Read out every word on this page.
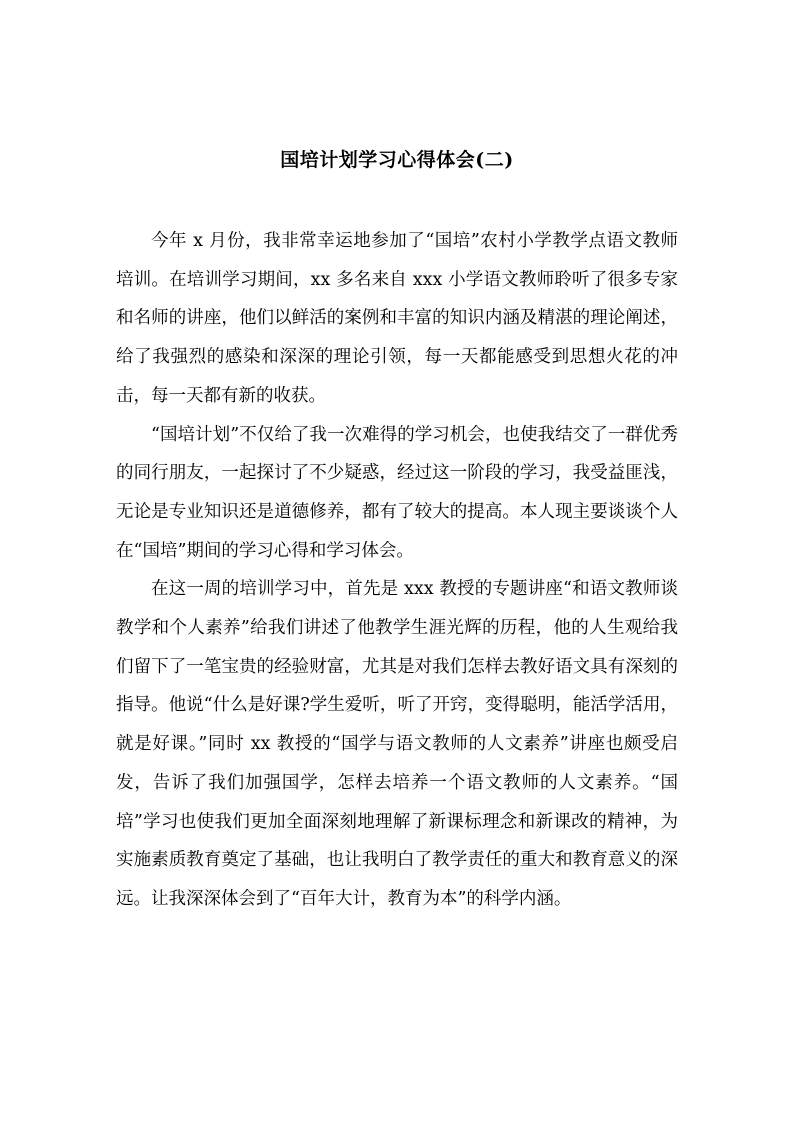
国培计划学习心得体会(二)

今年 x 月份，我非常幸运地参加了“国培”农村小学教学点语文教师培训。在培训学习期间，xx 多名来自 xxx 小学语文教师聆听了很多专家和名师的讲座，他们以鲜活的案例和丰富的知识内涵及精湛的理论阐述，给了我强烈的感染和深深的理论引领，每一天都能感受到思想火花的冲击，每一天都有新的收获。

“国培计划”不仅给了我一次难得的学习机会，也使我结交了一群优秀的同行朋友，一起探讨了不少疑惑，经过这一阶段的学习，我受益匪浅，无论是专业知识还是道德修养，都有了较大的提高。本人现主要谈谈个人在“国培”期间的学习心得和学习体会。

在这一周的培训学习中，首先是 xxx 教授的专题讲座“和语文教师谈教学和个人素养”给我们讲述了他教学生涯光辉的历程，他的人生观给我们留下了一笔宝贵的经验财富，尤其是对我们怎样去教好语文具有深刻的指导。他说“什么是好课?学生爱听，听了开窍，变得聪明，能活学活用，就是好课。”同时 xx 教授的“国学与语文教师的人文素养”讲座也颇受启发，告诉了我们加强国学，怎样去培养一个语文教师的人文素养。“国培”学习也使我们更加全面深刻地理解了新课标理念和新课改的精神，为实施素质教育奠定了基础，也让我明白了教学责任的重大和教育意义的深远。让我深深体会到了“百年大计，教育为本”的科学内涵。
